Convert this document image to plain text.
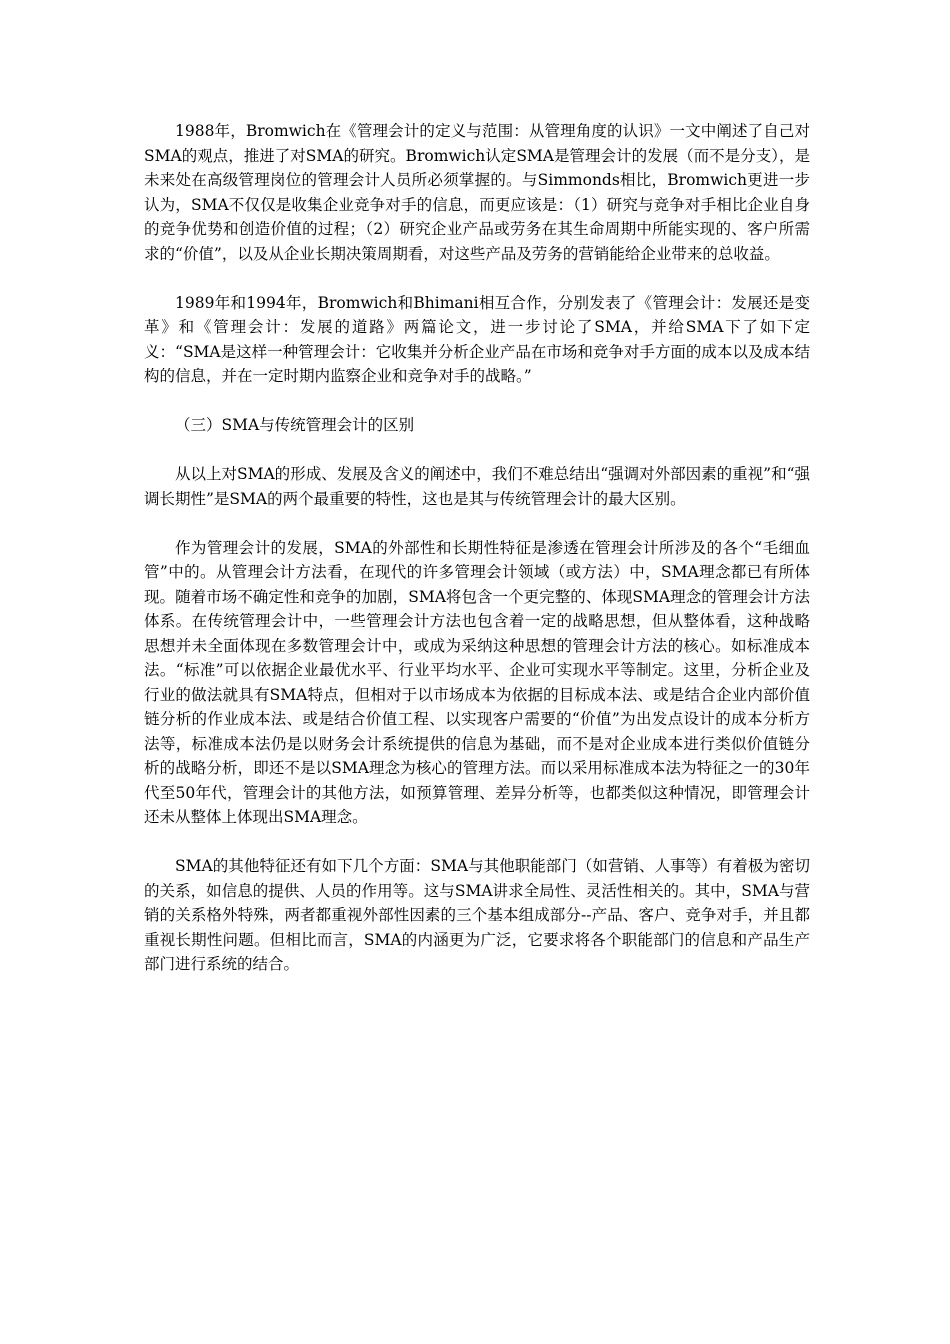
1988年，Bromwich在《管理会计的定义与范围：从管理角度的认识》一文中阐述了自己对SMA的观点，推进了对SMA的研究。Bromwich认定SMA是管理会计的发展（而不是分支），是未来处在高级管理岗位的管理会计人员所必须掌握的。与Simmonds相比，Bromwich更进一步认为，SMA不仅仅是收集企业竞争对手的信息，而更应该是：（1）研究与竞争对手相比企业自身的竞争优势和创造价值的过程；（2）研究企业产品或劳务在其生命周期中所能实现的、客户所需求的“价值”，以及从企业长期决策周期看，对这些产品及劳务的营销能给企业带来的总收益。

1989年和1994年，Bromwich和Bhimani相互合作，分别发表了《管理会计：发展还是变革》和《管理会计：发展的道路》两篇论文，进一步讨论了SMA，并给SMA下了如下定义：“SMA是这样一种管理会计：它收集并分析企业产品在市场和竞争对手方面的成本以及成本结构的信息，并在一定时期内监察企业和竞争对手的战略。”

（三）SMA与传统管理会计的区别

从以上对SMA的形成、发展及含义的阐述中，我们不难总结出“强调对外部因素的重视”和“强调长期性”是SMA的两个最重要的特性，这也是其与传统管理会计的最大区别。

作为管理会计的发展，SMA的外部性和长期性特征是渗透在管理会计所涉及的各个“毛细血管”中的。从管理会计方法看，在现代的许多管理会计领域（或方法）中，SMA理念都已有所体现。随着市场不确定性和竞争的加剧，SMA将包含一个更完整的、体现SMA理念的管理会计方法体系。在传统管理会计中，一些管理会计方法也包含着一定的战略思想，但从整体看，这种战略思想并未全面体现在多数管理会计中，或成为采纳这种思想的管理会计方法的核心。如标准成本法。“标准”可以依据企业最优水平、行业平均水平、企业可实现水平等制定。这里，分析企业及行业的做法就具有SMA特点，但相对于以市场成本为依据的目标成本法、或是结合企业内部价值链分析的作业成本法、或是结合价值工程、以实现客户需要的“价值”为出发点设计的成本分析方法等，标准成本法仍是以财务会计系统提供的信息为基础，而不是对企业成本进行类似价值链分析的战略分析，即还不是以SMA理念为核心的管理方法。而以采用标准成本法为特征之一的30年代至50年代，管理会计的其他方法，如预算管理、差异分析等，也都类似这种情况，即管理会计还未从整体上体现出SMA理念。

SMA的其他特征还有如下几个方面：SMA与其他职能部门（如营销、人事等）有着极为密切的关系，如信息的提供、人员的作用等。这与SMA讲求全局性、灵活性相关的。其中，SMA与营销的关系格外特殊，两者都重视外部性因素的三个基本组成部分--产品、客户、竞争对手，并且都重视长期性问题。但相比而言，SMA的内涵更为广泛，它要求将各个职能部门的信息和产品生产部门进行系统的结合。
